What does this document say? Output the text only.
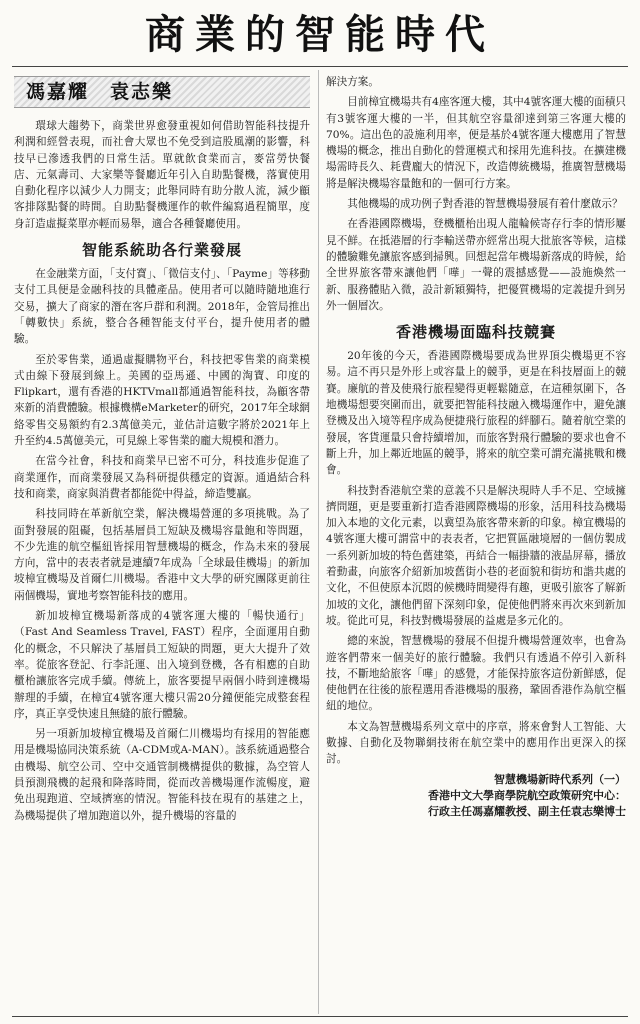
商業的智能時代
馮嘉耀　袁志樂

環球大趨勢下，商業世界愈發重視如何借助智能科技提升利潤和經營表現，而社會大眾也不免受到這股風潮的影響，科技早已滲透我們的日常生活。單就飲食業而言，麥當勞快餐店、元氣壽司、大家樂等餐廳近年引入自助點餐機，落實使用自動化程序以減少人力開支；此舉同時有助分散人流，減少顧客排隊點餐的時間。自助點餐機運作的軟件編寫過程簡單，度身訂造虛擬菜單亦輕而易舉，適合各種餐廳使用。

智能系統助各行業發展

在金融業方面，「支付寶」、「微信支付」、「Payme」等移動支付工具便是金融科技的具體產品。使用者可以隨時隨地進行交易，擴大了商家的潛在客戶群和利潤。2018年，金管局推出「轉數快」系統，整合各種智能支付平台，提升使用者的體驗。

至於零售業，通過虛擬購物平台，科技把零售業的商業模式由線下發展到線上。美國的亞馬遜、中國的淘寶、印度的Flipkart，還有香港的HKTVmall都通過智能科技，為顧客帶來新的消費體驗。根據機構eMarketer的研究，2017年全球網絡零售交易額約有2.3萬億美元，並估計這數字將於2021年上升至約4.5萬億美元，可見線上零售業的龐大規模和潛力。

在當今社會，科技和商業早已密不可分，科技進步促進了商業運作，而商業發展又為科研提供穩定的資源。通過結合科技和商業，商家與消費者都能從中得益，締造雙贏。

科技同時在革新航空業，解決機場營運的多項挑戰。為了面對發展的阻礙，包括基層員工短缺及機場容量飽和等問題，不少先進的航空樞紐皆採用智慧機場的概念，作為未來的發展方向，當中的表表者就是連續7年成為「全球最佳機場」的新加坡樟宜機場及首爾仁川機場。香港中文大學的研究團隊更前往兩個機場，實地考察智能科技的應用。

新加坡樟宜機場新落成的4號客運大樓的「暢快通行」（Fast And Seamless Travel, FAST）程序，全面運用自動化的概念，不只解決了基層員工短缺的問題，更大大提升了效率。從旅客登記、行李託運、出入境到登機，各有相應的自助櫃枱讓旅客完成手續。傳統上，旅客要提早兩個小時到達機場辦理的手續，在樟宜4號客運大樓只需20分鐘便能完成整套程序，真正享受快速且無縫的旅行體驗。

另一項新加坡樟宜機場及首爾仁川機場均有採用的智能應用是機場協同決策系統（A-CDM或A-MAN）。該系統通過整合由機場、航空公司、空中交通管制機構提供的數據，為空管人員預測飛機的起飛和降落時間，從而改善機場運作流暢度，避免出現跑道、空域擠塞的情況。智能科技在現有的基建之上，為機場提供了增加跑道以外，提升機場的容量的

解決方案。

目前樟宜機場共有4座客運大樓，其中4號客運大樓的面積只有3號客運大樓的一半，但其航空容量卻達到第三客運大樓的70%。這出色的設施利用率，便是基於4號客運大樓應用了智慧機場的概念，推出自動化的營運模式和採用先進科技。在擴建機場需時長久、耗費龐大的情況下，改造傳統機場，推廣智慧機場將是解決機場容量飽和的一個可行方案。

其他機場的成功例子對香港的智慧機場發展有着什麼啟示？

在香港國際機場，登機櫃枱出現人龍輪候寄存行李的情形屢見不鮮。在抵港層的行李輸送帶亦經常出現大批旅客等候，這樣的體驗難免讓旅客感到掃興。回想起當年機場新落成的時候，給全世界旅客帶來讓他們「嘩」一聲的震撼感覺——設施煥然一新、服務體貼入微，設計新穎獨特，把優質機場的定義提升到另外一個層次。

香港機場面臨科技競賽

20年後的今天，香港國際機場要成為世界頂尖機場更不容易。這不再只是外形上或容量上的競爭，更是在科技層面上的競賽。廉航的普及使飛行旅程變得更輕鬆隨意，在這種氛圍下，各地機場想要突圍而出，就要把智能科技融入機場運作中，避免讓登機及出入境等程序成為便捷飛行旅程的絆腳石。隨着航空業的發展，客貨運量只會持續增加，而旅客對飛行體驗的要求也會不斷上升，加上鄰近地區的競爭，將來的航空業可謂充滿挑戰和機會。

科技對香港航空業的意義不只是解決現時人手不足、空域擁擠問題，更是要重新打造香港國際機場的形象，活用科技為機場加入本地的文化元素，以冀望為旅客帶來新的印象。樟宜機場的4號客運大樓可謂當中的表表者，它把質區融境層的一個仿製成一系列新加坡的特色舊建築，再結合一幅掛牆的液晶屏幕，播放着動畫，向旅客介紹新加坡舊街小巷的老面貌和街坊和諧共處的文化，不但使原本沉悶的候機時間變得有趣，更吸引旅客了解新加坡的文化，讓他們留下深刻印象，促使他們將來再次來到新加坡。從此可見，科技對機場發展的益處是多元化的。

總的來說，智慧機場的發展不但提升機場營運效率，也會為遊客們帶來一個美好的旅行體驗。我們只有透過不停引入新科技，不斷地給旅客「嘩」的感覺，才能保持旅客這份新鮮感，促使他們在往後的旅程選用香港機場的服務，鞏固香港作為航空樞紐的地位。

本文為智慧機場系列文章中的序章，將來會對人工智能、大數據、自動化及物聯網技術在航空業中的應用作出更深入的探討。

智慧機場新時代系列（一）
香港中文大學商學院航空政策研究中心：
行政主任馮嘉耀教授、副主任袁志樂博士
